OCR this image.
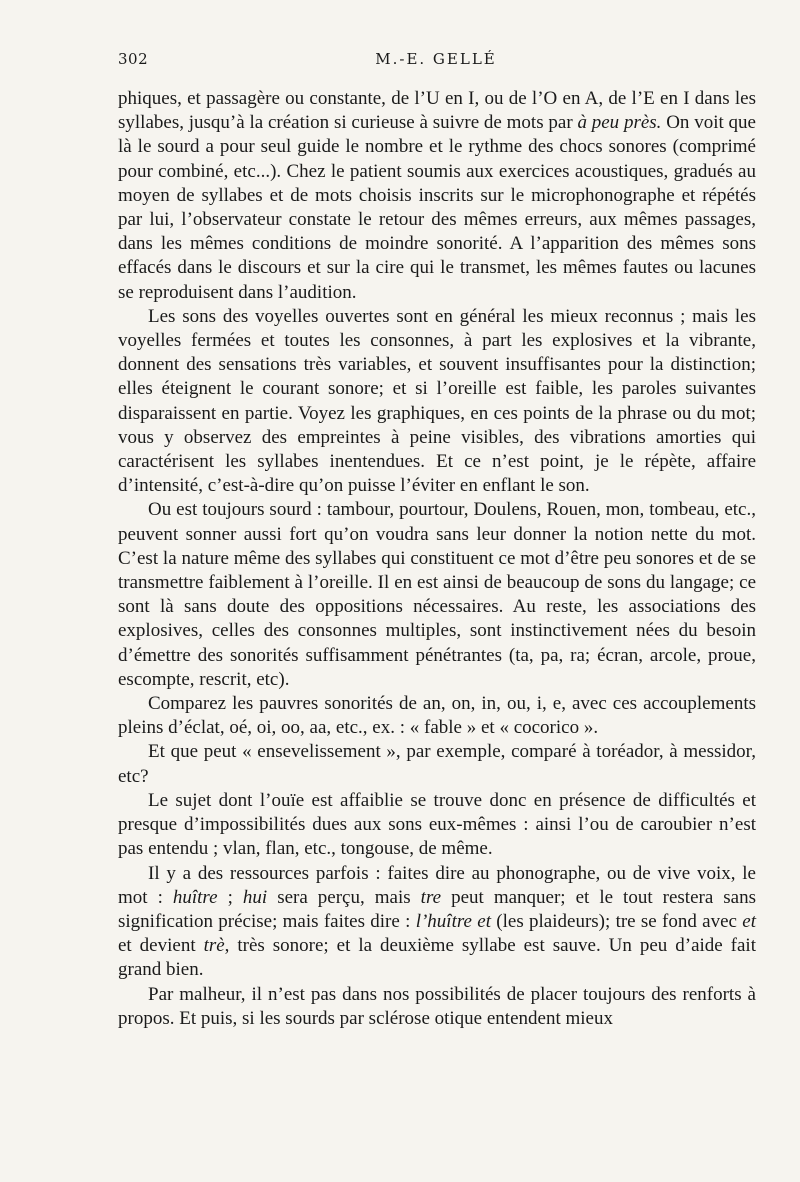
302	M.-E. GELLÉ

phiques, et passagère ou constante, de l’U en I, ou de l’O en A, de l’E en I dans les syllabes, jusqu’à la création si curieuse à suivre de mots par à peu près. On voit que là le sourd a pour seul guide le nombre et le rythme des chocs sonores (comprimé pour combiné, etc...). Chez le patient soumis aux exercices acoustiques, gradués au moyen de syllabes et de mots choisis inscrits sur le microphonographe et répétés par lui, l’observateur constate le retour des mêmes erreurs, aux mêmes passages, dans les mêmes conditions de moindre sonorité. A l’apparition des mêmes sons effacés dans le discours et sur la cire qui le transmet, les mêmes fautes ou lacunes se reproduisent dans l’audition.

Les sons des voyelles ouvertes sont en général les mieux reconnus ; mais les voyelles fermées et toutes les consonnes, à part les explosives et la vibrante, donnent des sensations très variables, et souvent insuffisantes pour la distinction; elles éteignent le courant sonore; et si l’oreille est faible, les paroles suivantes disparaissent en partie. Voyez les graphiques, en ces points de la phrase ou du mot; vous y observez des empreintes à peine visibles, des vibrations amorties qui caractérisent les syllabes inentendues. Et ce n’est point, je le répète, affaire d’intensité, c’est-à-dire qu’on puisse l’éviter en enflant le son.

Ou est toujours sourd : tambour, pourtour, Doulens, Rouen, mon, tombeau, etc., peuvent sonner aussi fort qu’on voudra sans leur donner la notion nette du mot. C’est la nature même des syllabes qui constituent ce mot d’être peu sonores et de se transmettre faiblement à l’oreille. Il en est ainsi de beaucoup de sons du langage; ce sont là sans doute des oppositions nécessaires. Au reste, les associations des explosives, celles des consonnes multiples, sont instinctivement nées du besoin d’émettre des sonorités suffisamment pénétrantes (ta, pa, ra; écran, arcole, proue, escompte, rescrit, etc).

Comparez les pauvres sonorités de an, on, in, ou, i, e, avec ces accouplements pleins d’éclat, oé, oi, oo, aa, etc., ex. : « fable » et « cocorico ».

Et que peut « ensevelissement », par exemple, comparé à toréador, à messidor, etc?

Le sujet dont l’ouïe est affaiblie se trouve donc en présence de difficultés et presque d’impossibilités dues aux sons eux-mêmes : ainsi l’ou de caroubier n’est pas entendu ; vlan, flan, etc., tongouse, de même.

Il y a des ressources parfois : faites dire au phonographe, ou de vive voix, le mot : huître ; hui sera perçu, mais tre peut manquer; et le tout restera sans signification précise; mais faites dire : l’huître et (les plaideurs); tre se fond avec et et devient trè, très sonore; et la deuxième syllabe est sauve. Un peu d’aide fait grand bien.

Par malheur, il n’est pas dans nos possibilités de placer toujours des renforts à propos. Et puis, si les sourds par sclérose otique entendent mieux
